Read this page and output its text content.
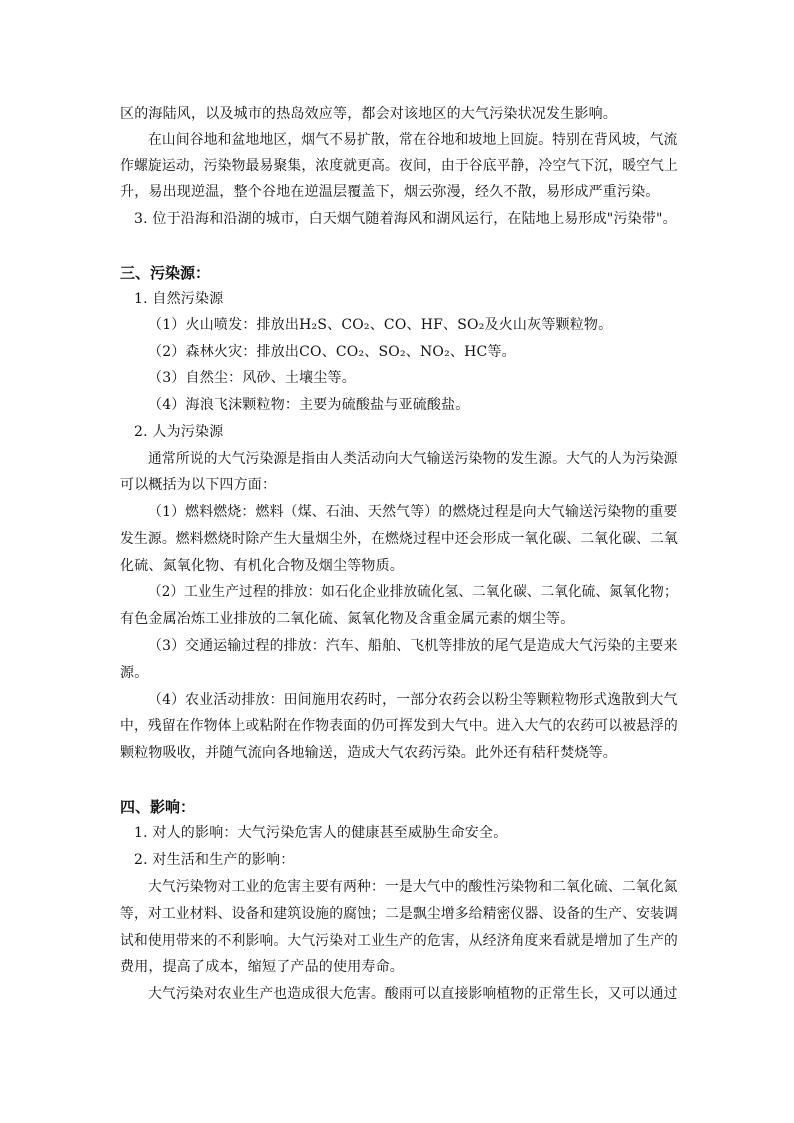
区的海陆风，以及城市的热岛效应等，都会对该地区的大气污染状况发生影响。
在山间谷地和盆地地区，烟气不易扩散，常在谷地和坡地上回旋。特别在背风坡，气流
作螺旋运动，污染物最易聚集，浓度就更高。夜间，由于谷底平静，冷空气下沉，暖空气上
升，易出现逆温，整个谷地在逆温层覆盖下，烟云弥漫，经久不散，易形成严重污染。
3. 位于沿海和沿湖的城市，白天烟气随着海风和湖风运行，在陆地上易形成"污染带"。
三、污染源：
1. 自然污染源
（1）火山喷发：排放出H₂S、CO₂、CO、HF、SO₂及火山灰等颗粒物。
（2）森林火灾：排放出CO、CO₂、SO₂、NO₂、HC等。
（3）自然尘：风砂、土壤尘等。
（4）海浪飞沫颗粒物：主要为硫酸盐与亚硫酸盐。
2. 人为污染源
通常所说的大气污染源是指由人类活动向大气输送污染物的发生源。大气的人为污染源
可以概括为以下四方面：
（1）燃料燃烧：燃料（煤、石油、天然气等）的燃烧过程是向大气输送污染物的重要
发生源。燃料燃烧时除产生大量烟尘外，在燃烧过程中还会形成一氧化碳、二氧化碳、二氧
化硫、氮氧化物、有机化合物及烟尘等物质。
（2）工业生产过程的排放：如石化企业排放硫化氢、二氧化碳、二氧化硫、氮氧化物；
有色金属冶炼工业排放的二氧化硫、氮氧化物及含重金属元素的烟尘等。
（3）交通运输过程的排放：汽车、船舶、飞机等排放的尾气是造成大气污染的主要来
源。
（4）农业活动排放：田间施用农药时，一部分农药会以粉尘等颗粒物形式逸散到大气
中，残留在作物体上或粘附在作物表面的仍可挥发到大气中。进入大气的农药可以被悬浮的
颗粒物吸收，并随气流向各地输送，造成大气农药污染。此外还有秸秆焚烧等。
四、影响：
1. 对人的影响：大气污染危害人的健康甚至威胁生命安全。
2. 对生活和生产的影响：
大气污染物对工业的危害主要有两种：一是大气中的酸性污染物和二氧化硫、二氧化氮
等，对工业材料、设备和建筑设施的腐蚀；二是飘尘增多给精密仪器、设备的生产、安装调
试和使用带来的不利影响。大气污染对工业生产的危害，从经济角度来看就是增加了生产的
费用，提高了成本，缩短了产品的使用寿命。
大气污染对农业生产也造成很大危害。酸雨可以直接影响植物的正常生长，又可以通过
